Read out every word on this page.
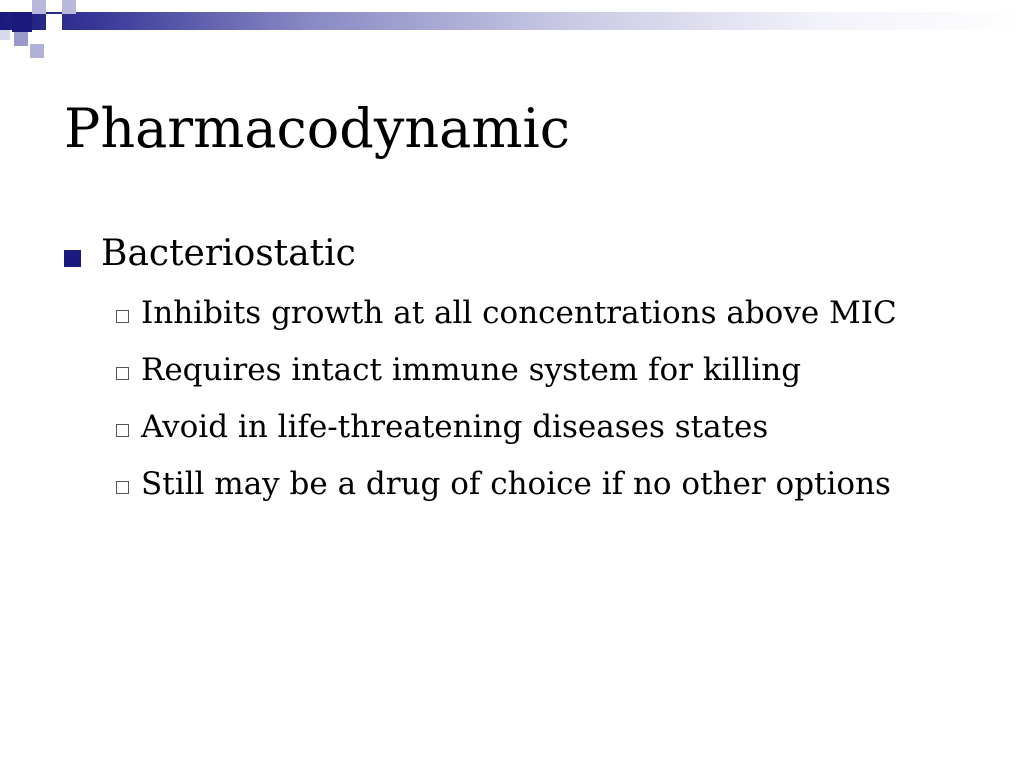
Pharmacodynamic
Bacteriostatic
Inhibits growth at all concentrations above MIC
Requires intact immune system for killing
Avoid in life-threatening diseases states
Still may be a drug of choice if no other options
